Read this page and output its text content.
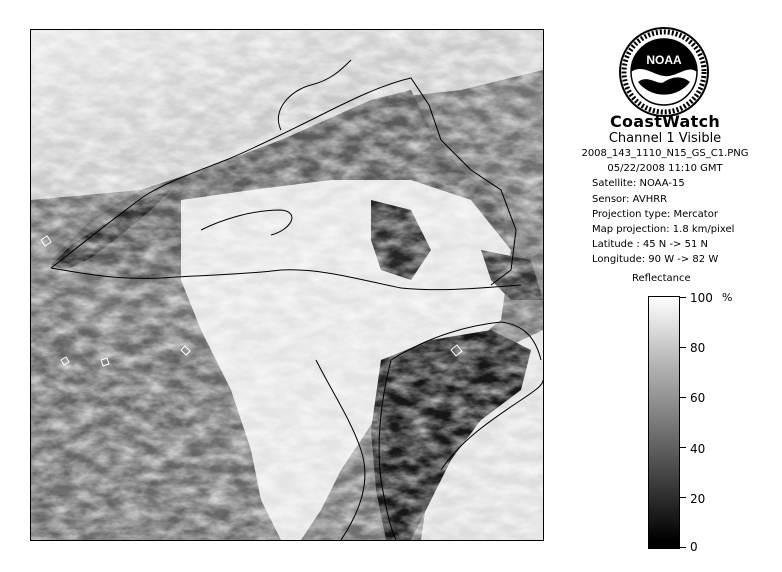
NOAA
CoastWatch
Channel 1 Visible
2008_143_1110_N15_GS_C1.PNG
05/22/2008 11:10 GMT
Satellite: NOAA-15
Sensor: AVHRR
Projection type: Mercator
Map projection: 1.8 km/pixel
Latitude : 45 N -> 51 N
Longitude: 90 W -> 82 W
Reflectance
%
100
80
60
40
20
0
